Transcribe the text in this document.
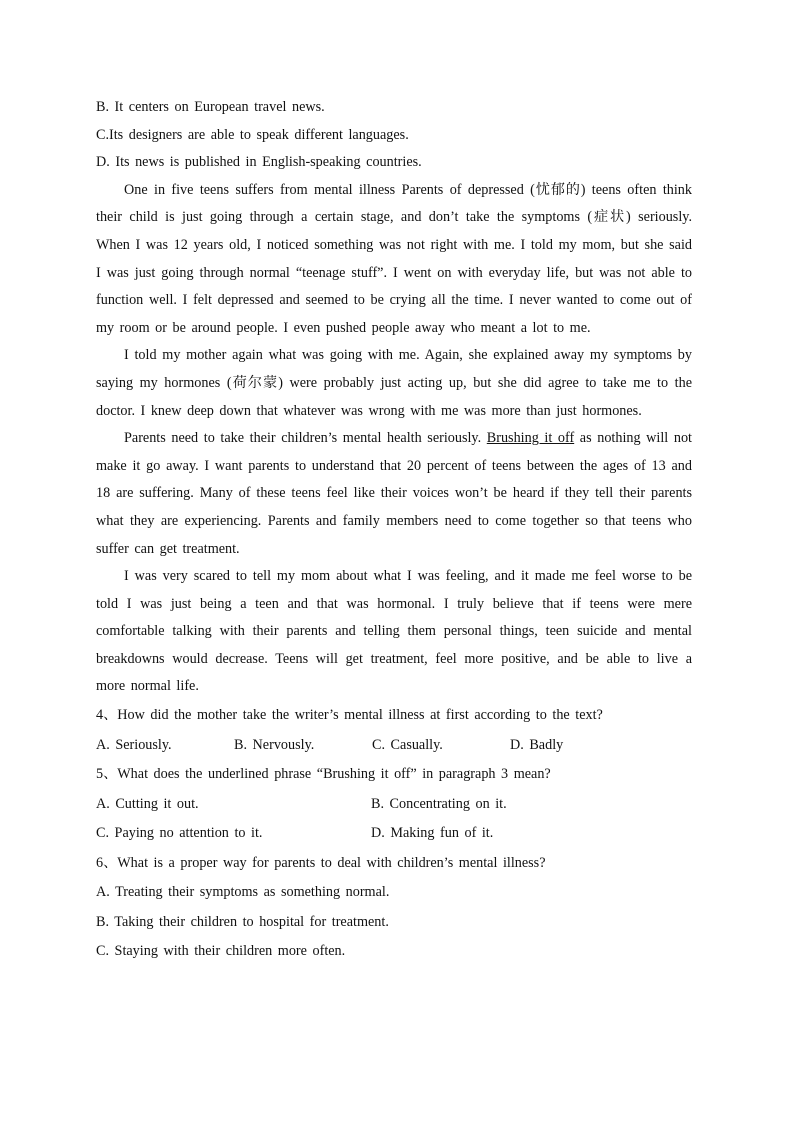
B. It centers on European travel news.
C.Its designers are able to speak different languages.
D. Its news is published in English-speaking countries.

One in five teens suffers from mental illness Parents of depressed (忧郁的) teens often think their child is just going through a certain stage, and don’t take the symptoms (症状) seriously. When I was 12 years old, I noticed something was not right with me. I told my mom, but she said I was just going through normal “teenage stuff”. I went on with everyday life, but was not able to function well. I felt depressed and seemed to be crying all the time. I never wanted to come out of my room or be around people. I even pushed people away who meant a lot to me.

I told my mother again what was going with me. Again, she explained away my symptoms by saying my hormones (荷尔蒙) were probably just acting up, but she did agree to take me to the doctor. I knew deep down that whatever was wrong with me was more than just hormones.

Parents need to take their children’s mental health seriously. Brushing it off as nothing will not make it go away. I want parents to understand that 20 percent of teens between the ages of 13 and 18 are suffering. Many of these teens feel like their voices won’t be heard if they tell their parents what they are experiencing. Parents and family members need to come together so that teens who suffer can get treatment.

I was very scared to tell my mom about what I was feeling, and it made me feel worse to be told I was just being a teen and that was hormonal. I truly believe that if teens were mere comfortable talking with their parents and telling them personal things, teen suicide and mental breakdowns would decrease. Teens will get treatment, feel more positive, and be able to live a more normal life.

4、How did the mother take the writer’s mental illness at first according to the text?
A. Seriously.	B. Nervously.	C. Casually.	D. Badly
5、What does the underlined phrase “Brushing it off” in paragraph 3 mean?
A. Cutting it out.	B. Concentrating on it.
C. Paying no attention to it.	D. Making fun of it.
6、What is a proper way for parents to deal with children’s mental illness?
A. Treating their symptoms as something normal.
B. Taking their children to hospital for treatment.
C. Staying with their children more often.
